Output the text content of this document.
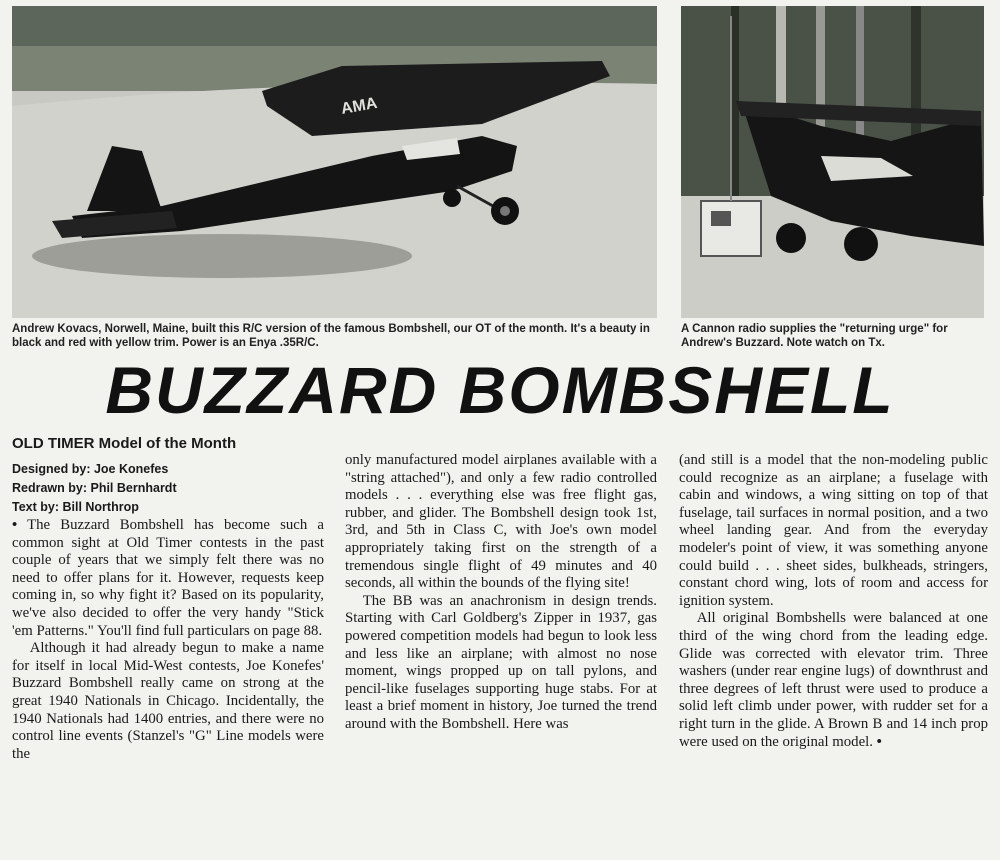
AMA

Andrew Kovacs, Norwell, Maine, built this R/C version of the famous Bombshell, our OT of the month. It's a beauty in black and red with yellow trim. Power is an Enya .35R/C.

A Cannon radio supplies the "returning urge" for Andrew's Buzzard. Note watch on Tx.

BUZZARD BOMBSHELL
OLD TIMER Model of the Month
Designed by: Joe Konefes
Redrawn by: Phil Bernhardt
Text by: Bill Northrop

• The Buzzard Bombshell has become such a common sight at Old Timer contests in the past couple of years that we simply felt there was no need to offer plans for it. However, requests keep coming in, so why fight it? Based on its popularity, we've also decided to offer the very handy "Stick 'em Patterns." You'll find full particulars on page 88.

Although it had already begun to make a name for itself in local Mid-West contests, Joe Konefes' Buzzard Bombshell really came on strong at the great 1940 Nationals in Chicago. Incidentally, the 1940 Nationals had 1400 entries, and there were no control line events (Stanzel's "G" Line models were the

only manufactured model airplanes available with a "string attached"), and only a few radio controlled models . . . everything else was free flight gas, rubber, and glider. The Bombshell design took 1st, 3rd, and 5th in Class C, with Joe's own model appropriately taking first on the strength of a tremendous single flight of 49 minutes and 40 seconds, all within the bounds of the flying site!

The BB was an anachronism in design trends. Starting with Carl Goldberg's Zipper in 1937, gas powered competition models had begun to look less and less like an airplane; with almost no nose moment, wings propped up on tall pylons, and pencil-like fuselages supporting huge stabs. For at least a brief moment in history, Joe turned the trend around with the Bombshell. Here was

(and still is a model that the non-modeling public could recognize as an airplane; a fuselage with cabin and windows, a wing sitting on top of that fuselage, tail surfaces in normal position, and a two wheel landing gear. And from the everyday modeler's point of view, it was something anyone could build . . . sheet sides, bulkheads, stringers, constant chord wing, lots of room and access for ignition system.

All original Bombshells were balanced at one third of the wing chord from the leading edge. Glide was corrected with elevator trim. Three washers (under rear engine lugs) of downthrust and three degrees of left thrust were used to produce a solid left climb under power, with rudder set for a right turn in the glide. A Brown B and 14 inch prop were used on the original model. •
